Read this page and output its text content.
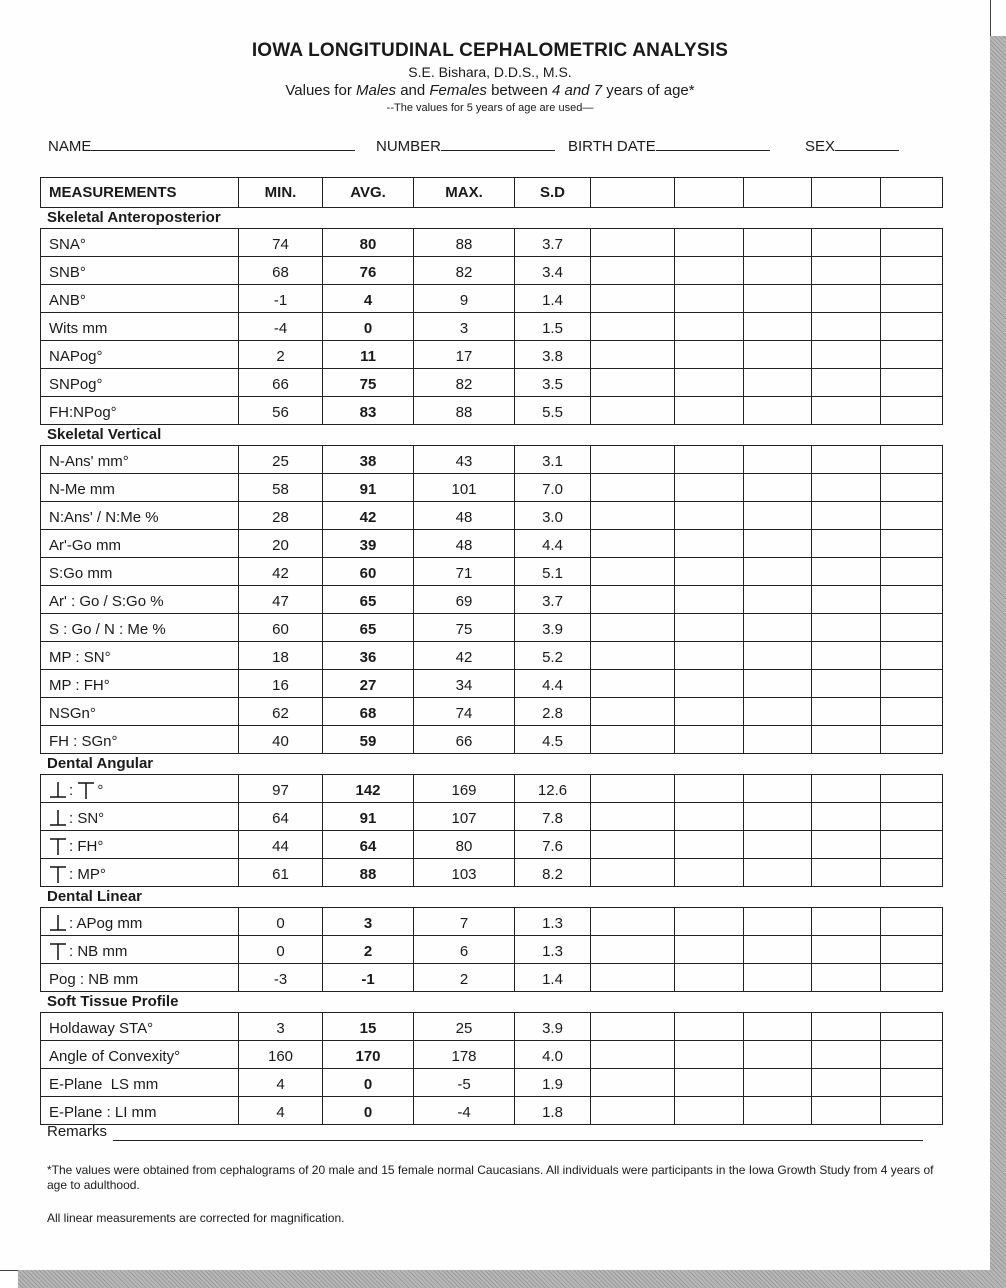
IOWA LONGITUDINAL CEPHALOMETRIC ANALYSIS
S.E. Bishara, D.D.S., M.S.
Values for Males and Females between 4 and 7 years of age*
--The values for 5 years of age are used—
NAME	NUMBER	BIRTH DATE	SEX
MEASUREMENTS	MIN.	AVG.	MAX.	S.D
Skeletal Anteroposterior
SNA°	74	80	88	3.7
SNB°	68	76	82	3.4
ANB°	-1	4	9	1.4
Wits mm	-4	0	3	1.5
NAPog°	2	11	17	3.8
SNPog°	66	75	82	3.5
FH:NPog°	56	83	88	5.5
Skeletal Vertical
N-Ans' mm°	25	38	43	3.1
N-Me mm	58	91	101	7.0
N:Ans' / N:Me %	28	42	48	3.0
Ar'-Go mm	20	39	48	4.4
S:Go mm	42	60	71	5.1
Ar' : Go / S:Go %	47	65	69	3.7
S : Go / N : Me %	60	65	75	3.9
MP : SN°	18	36	42	5.2
MP : FH°	16	27	34	4.4
NSGn°	62	68	74	2.8
FH : SGn°	40	59	66	4.5
Dental Angular
: °	97	142	169	12.6
: SN°	64	91	107	7.8
: FH°	44	64	80	7.6
: MP°	61	88	103	8.2
Dental Linear
: APog mm	0	3	7	1.3
: NB mm	0	2	6	1.3
Pog : NB mm	-3	-1	2	1.4
Soft Tissue Profile
Holdaway STA°	3	15	25	3.9
Angle of Convexity°	160	170	178	4.0
E-Plane  LS mm	4	0	-5	1.9
E-Plane : LI mm	4	0	-4	1.8
Remarks
*The values were obtained from cephalograms of 20 male and 15 female normal Caucasians. All individuals were participants in the Iowa Growth Study from 4 years of age to adulthood.
All linear measurements are corrected for magnification.
